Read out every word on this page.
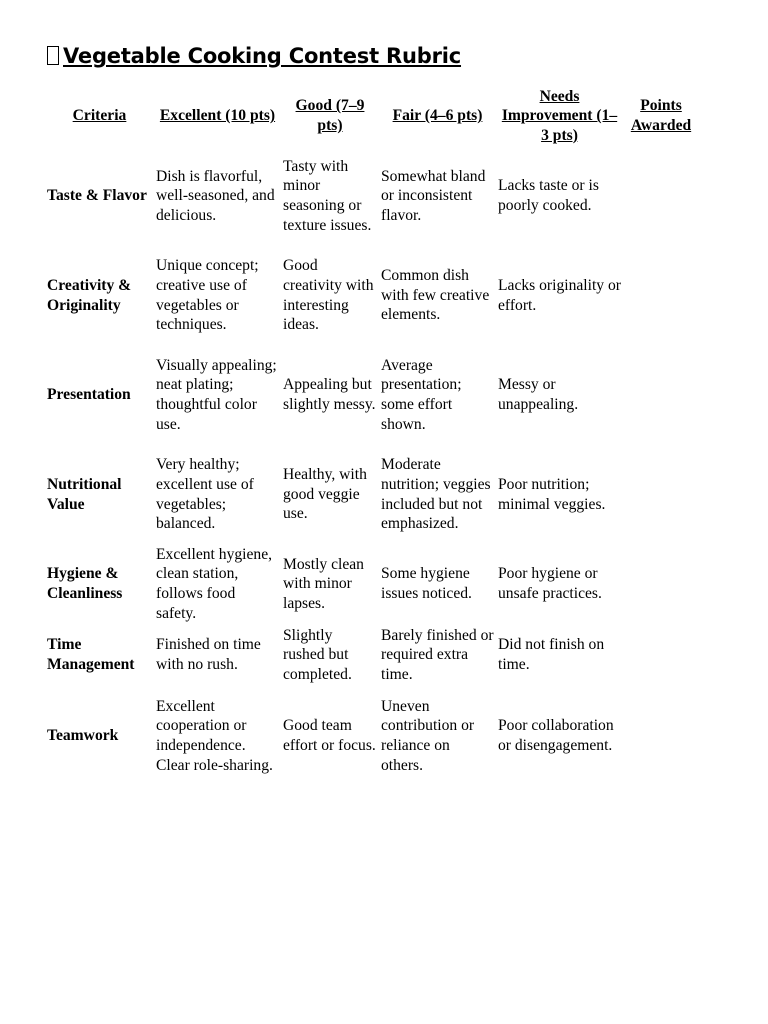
Vegetable Cooking Contest Rubric
Criteria	Excellent (10 pts)	Good (7–9 pts)	Fair (4–6 pts)	Needs Improvement (1–3 pts)	Points Awarded
Taste & Flavor	Dish is flavorful, well-seasoned, and delicious.	Tasty with minor seasoning or texture issues.	Somewhat bland or inconsistent flavor.	Lacks taste or is poorly cooked.	
Creativity & Originality	Unique concept; creative use of vegetables or techniques.	Good creativity with interesting ideas.	Common dish with few creative elements.	Lacks originality or effort.	
Presentation	Visually appealing; neat plating; thoughtful color use.	Appealing but slightly messy.	Average presentation; some effort shown.	Messy or unappealing.	
Nutritional Value	Very healthy; excellent use of vegetables; balanced.	Healthy, with good veggie use.	Moderate nutrition; veggies included but not emphasized.	Poor nutrition; minimal veggies.	
Hygiene & Cleanliness	Excellent hygiene, clean station, follows food safety.	Mostly clean with minor lapses.	Some hygiene issues noticed.	Poor hygiene or unsafe practices.	
Time Management	Finished on time with no rush.	Slightly rushed but completed.	Barely finished or required extra time.	Did not finish on time.	
Teamwork	Excellent cooperation or independence. Clear role-sharing.	Good team effort or focus.	Uneven contribution or reliance on others.	Poor collaboration or disengagement.	
